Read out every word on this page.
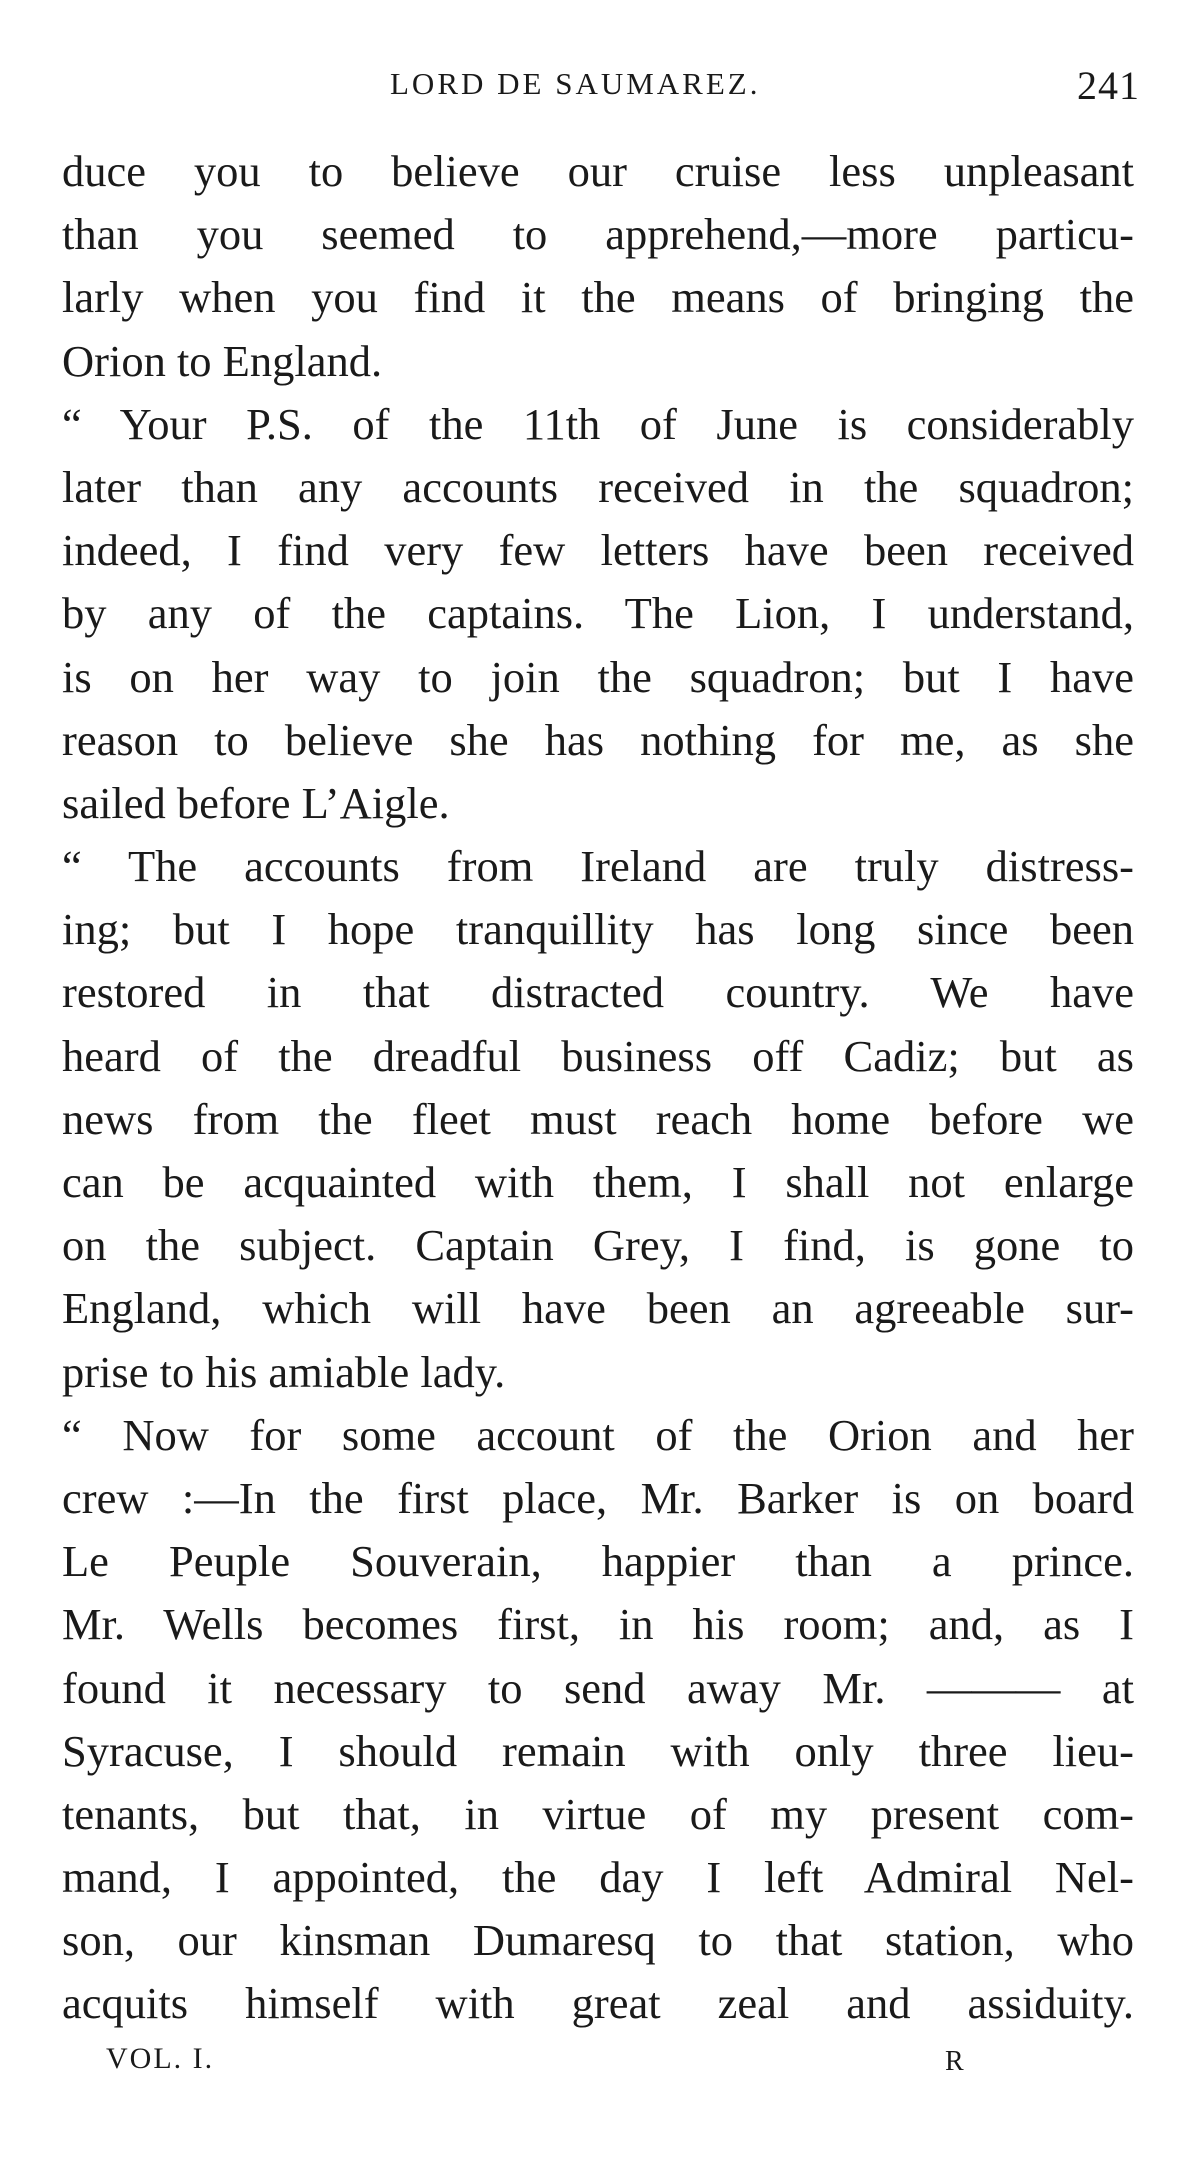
LORD DE SAUMAREZ.	241
duce you to believe our cruise less unpleasant
than you seemed to apprehend,—more particu-
larly when you find it the means of bringing the
Orion to England.
“ Your P.S. of the 11th of June is considerably
later than any accounts received in the squadron;
indeed, I find very few letters have been received
by any of the captains. The Lion, I understand,
is on her way to join the squadron; but I have
reason to believe she has nothing for me, as she
sailed before L’Aigle.
“ The accounts from Ireland are truly distress-
ing; but I hope tranquillity has long since been
restored in that distracted country. We have
heard of the dreadful business off Cadiz; but as
news from the fleet must reach home before we
can be acquainted with them, I shall not enlarge
on the subject. Captain Grey, I find, is gone to
England, which will have been an agreeable sur-
prise to his amiable lady.
“ Now for some account of the Orion and her
crew :—In the first place, Mr. Barker is on board
Le Peuple Souverain, happier than a prince.
Mr. Wells becomes first, in his room; and, as I
found it necessary to send away Mr. ——— at
Syracuse, I should remain with only three lieu-
tenants, but that, in virtue of my present com-
mand, I appointed, the day I left Admiral Nel-
son, our kinsman Dumaresq to that station, who
acquits himself with great zeal and assiduity.
VOL. I.	R
